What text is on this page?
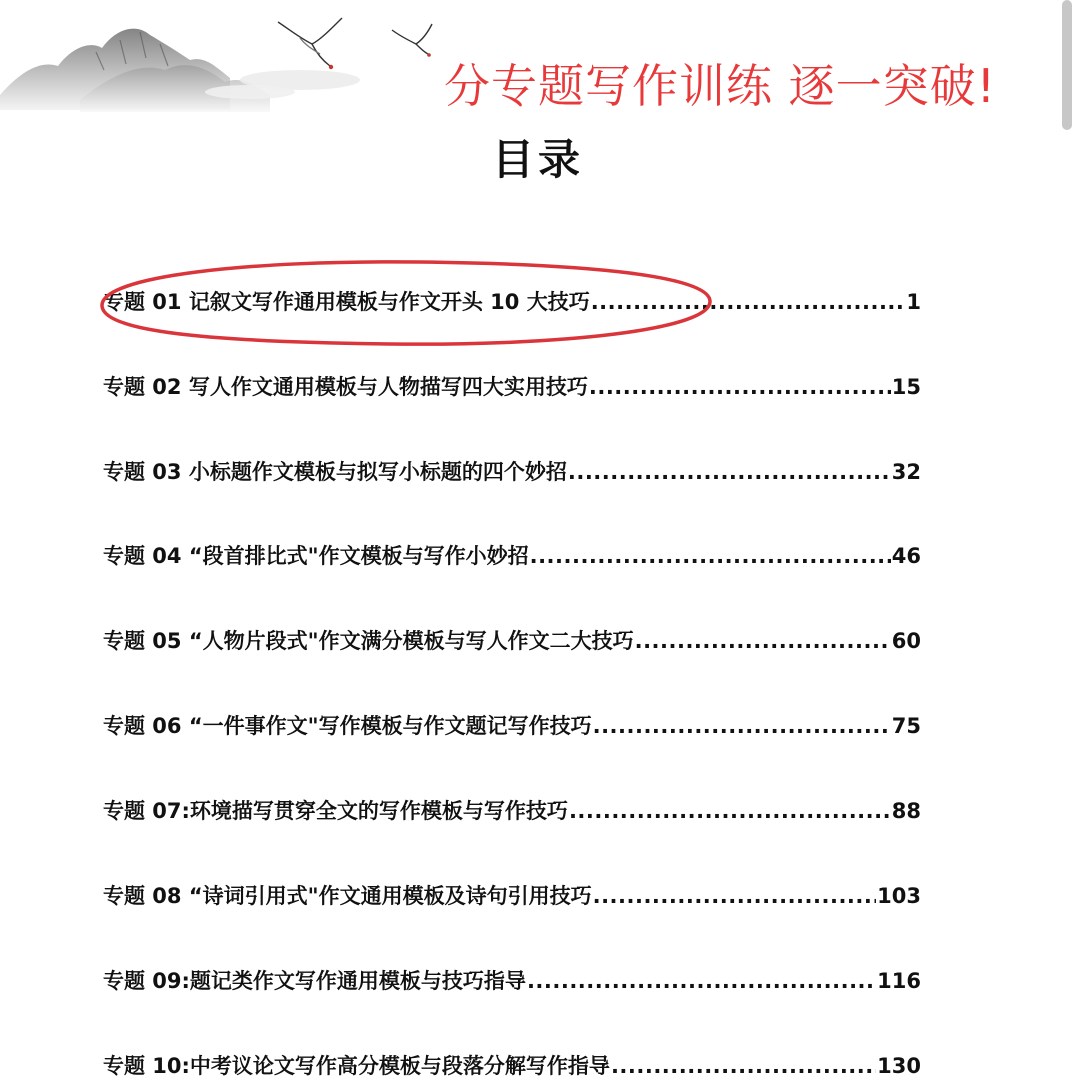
分专题写作训练 逐一突破!
目录
专题 01 记叙文写作通用模板与作文开头 10 大技巧 .....	1
专题 02 写人作文通用模板与人物描写四大实用技巧 .....	15
专题 03 小标题作文模板与拟写小标题的四个妙招 .....	32
专题 04 “段首排比式"作文模板与写作小妙招 .....	46
专题 05 “人物片段式"作文满分模板与写人作文二大技巧 .....	60
专题 06 “一件事作文"写作模板与作文题记写作技巧 .....	75
专题 07:环境描写贯穿全文的写作模板与写作技巧 .....	88
专题 08 “诗词引用式"作文通用模板及诗句引用技巧 .....	103
专题 09:题记类作文写作通用模板与技巧指导 .....	116
专题 10:中考议论文写作高分模板与段落分解写作指导 .....	130
